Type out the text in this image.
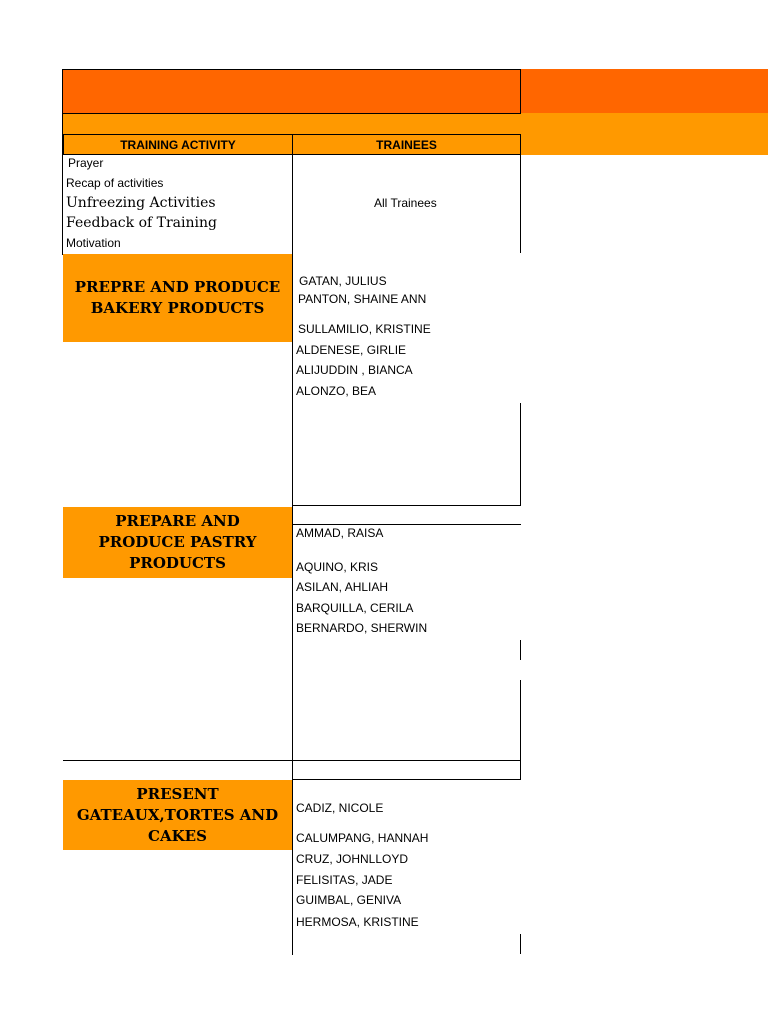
TRAINING ACTIVITY	TRAINEES
Prayer
Recap of activities
Unfreezing Activities
Feedback of Training
Motivation
All Trainees
PREPRE AND PRODUCE BAKERY PRODUCTS
GATAN, JULIUS
PANTON, SHAINE ANN
SULLAMILIO, KRISTINE
ALDENESE, GIRLIE
ALIJUDDIN , BIANCA
ALONZO, BEA
PREPARE AND PRODUCE PASTRY PRODUCTS
AMMAD, RAISA
AQUINO, KRIS
ASILAN, AHLIAH
BARQUILLA, CERILA
BERNARDO, SHERWIN
PRESENT GATEAUX,TORTES AND CAKES
CADIZ, NICOLE
CALUMPANG, HANNAH
CRUZ, JOHNLLOYD
FELISITAS, JADE
GUIMBAL, GENIVA
HERMOSA, KRISTINE
